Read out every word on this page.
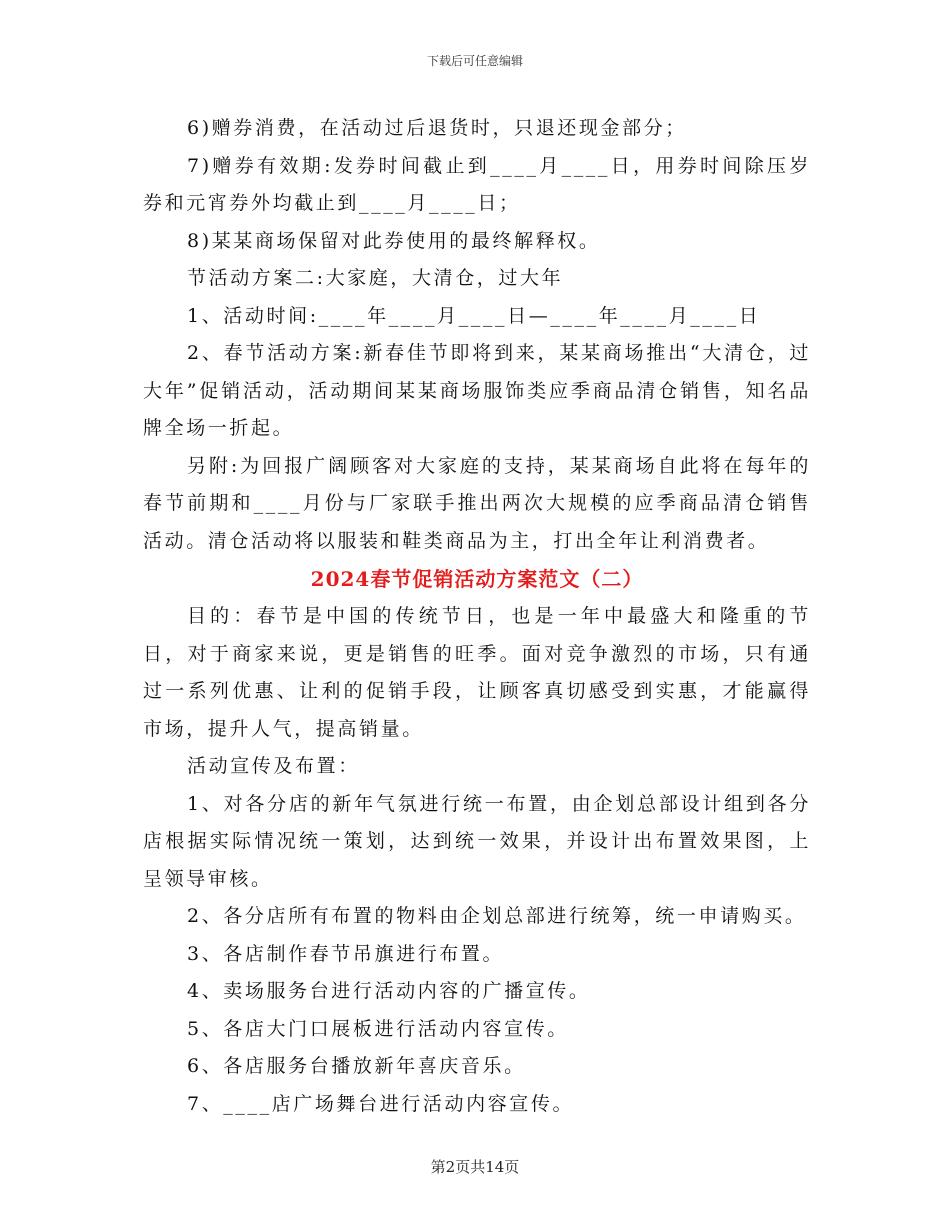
下载后可任意编辑

6)赠券消费，在活动过后退货时，只退还现金部分；

7)赠券有效期:发券时间截止到____月____日，用券时间除压岁券和元宵券外均截止到____月____日；

8)某某商场保留对此券使用的最终解释权。

节活动方案二:大家庭，大清仓，过大年

1、活动时间:____年____月____日—____年____月____日

2、春节活动方案:新春佳节即将到来，某某商场推出“大清仓，过大年”促销活动，活动期间某某商场服饰类应季商品清仓销售，知名品牌全场一折起。

另附:为回报广阔顾客对大家庭的支持，某某商场自此将在每年的春节前期和____月份与厂家联手推出两次大规模的应季商品清仓销售活动。清仓活动将以服装和鞋类商品为主，打出全年让利消费者。

2024春节促销活动方案范文（二）

目的：春节是中国的传统节日，也是一年中最盛大和隆重的节日，对于商家来说，更是销售的旺季。面对竞争激烈的市场，只有通过一系列优惠、让利的促销手段，让顾客真切感受到实惠，才能赢得市场，提升人气，提高销量。

活动宣传及布置：

1、对各分店的新年气氛进行统一布置，由企划总部设计组到各分店根据实际情况统一策划，达到统一效果，并设计出布置效果图，上呈领导审核。

2、各分店所有布置的物料由企划总部进行统筹，统一申请购买。

3、各店制作春节吊旗进行布置。

4、卖场服务台进行活动内容的广播宣传。

5、各店大门口展板进行活动内容宣传。

6、各店服务台播放新年喜庆音乐。

7、____店广场舞台进行活动内容宣传。

第2页共14页
